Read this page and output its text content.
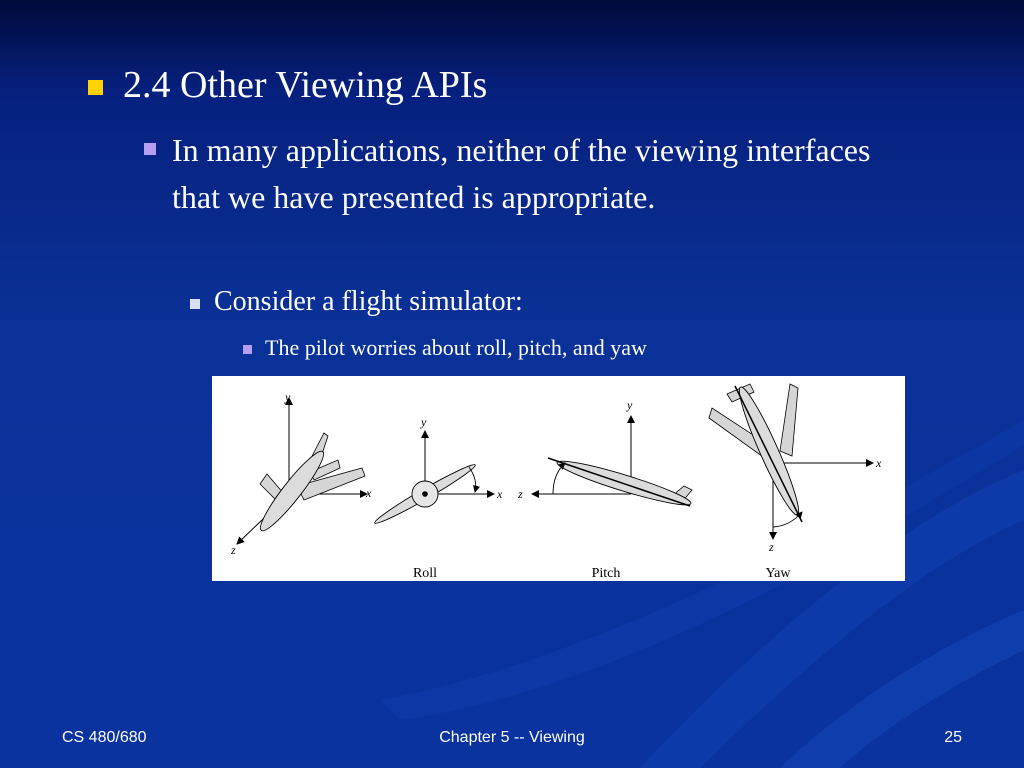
2.4 Other Viewing APIs
In many applications, neither of the viewing interfaces that we have presented is appropriate.
Consider a flight simulator:
The pilot worries about roll, pitch, and yaw
y
x
z
y
x
Roll
y
z
Pitch
x
z
Yaw
CS 480/680	Chapter 5 -- Viewing	25
